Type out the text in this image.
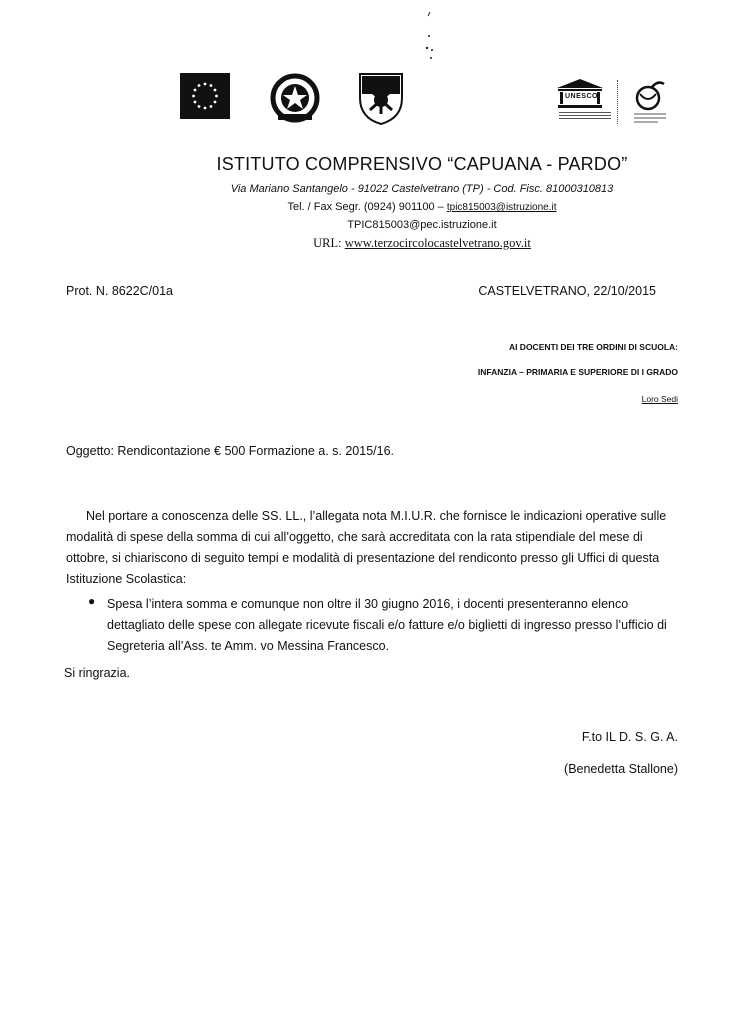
UNESCO
ISTITUTO COMPRENSIVO “CAPUANA - PARDO”
Via Mariano Santangelo - 91022 Castelvetrano (TP) - Cod. Fisc. 81000310813
Tel. / Fax Segr. (0924) 901100 – tpic815003@istruzione.it
TPIC815003@pec.istruzione.it
URL: www.terzocircolocastelvetrano.gov.it
Prot. N. 8622C/01a	CASTELVETRANO, 22/10/2015
AI DOCENTI DEI TRE ORDINI DI SCUOLA:
INFANZIA – PRIMARIA E SUPERIORE DI I GRADO
Loro Sedi
Oggetto: Rendicontazione € 500 Formazione a. s. 2015/16.
Nel portare a conoscenza delle SS. LL., l’allegata nota M.I.U.R. che fornisce le indicazioni operative sulle modalità di spese della somma di cui all’oggetto, che sarà accreditata con la rata stipendiale del mese di ottobre, si chiariscono di seguito tempi e modalità di presentazione del rendiconto presso gli Uffici di questa Istituzione Scolastica:
● Spesa l’intera somma e comunque non oltre il 30 giugno 2016, i docenti presenteranno elenco dettagliato delle spese con allegate ricevute fiscali e/o fatture e/o biglietti di ingresso presso l’ufficio di Segreteria all’Ass. te Amm. vo Messina Francesco.
Si ringrazia.
F.to IL D. S. G. A.
(Benedetta Stallone)
